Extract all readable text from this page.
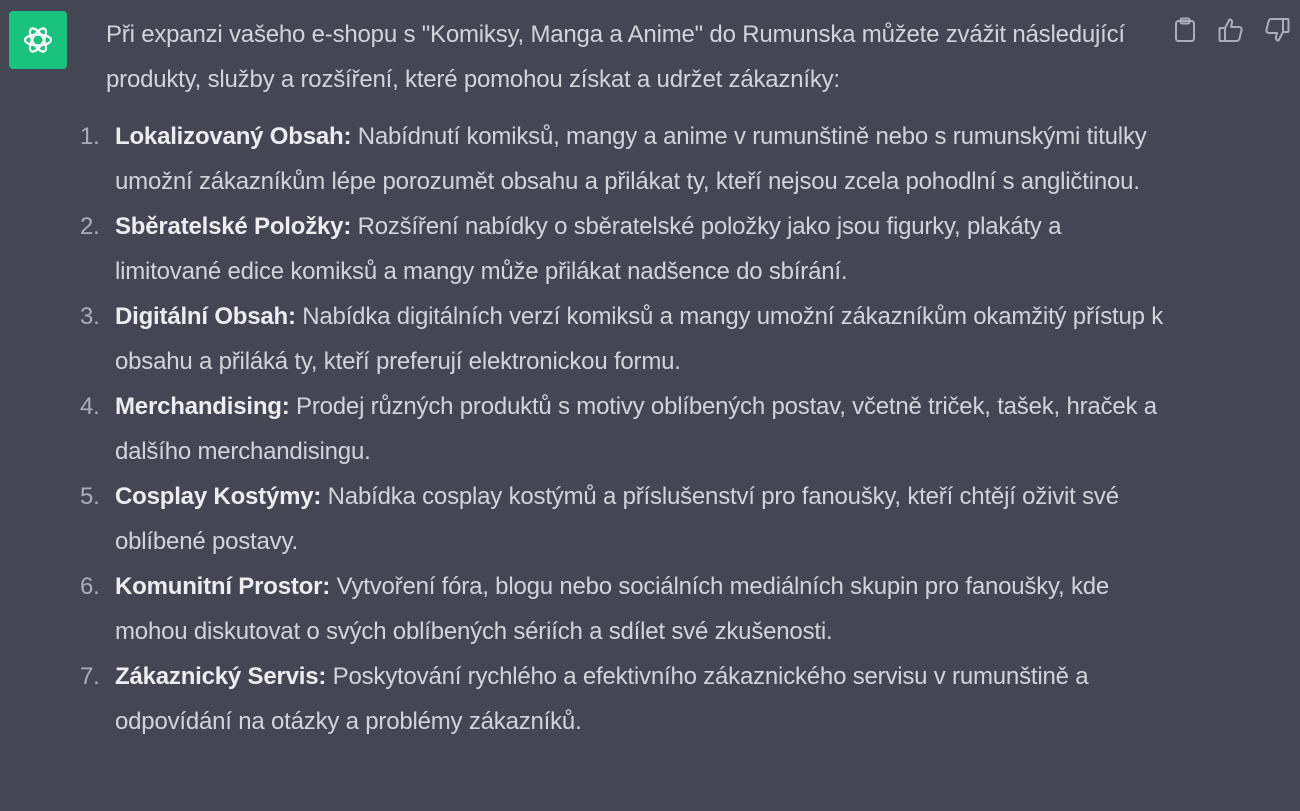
Při expanzi vašeho e-shopu s "Komiksy, Manga a Anime" do Rumunska můžete zvážit následující produkty, služby a rozšíření, které pomohou získat a udržet zákazníky:

1. Lokalizovaný Obsah: Nabídnutí komiksů, mangy a anime v rumunštině nebo s rumunskými titulky umožní zákazníkům lépe porozumět obsahu a přilákat ty, kteří nejsou zcela pohodlní s angličtinou.
2. Sběratelské Položky: Rozšíření nabídky o sběratelské položky jako jsou figurky, plakáty a limitované edice komiksů a mangy může přilákat nadšence do sbírání.
3. Digitální Obsah: Nabídka digitálních verzí komiksů a mangy umožní zákazníkům okamžitý přístup k obsahu a přiláká ty, kteří preferují elektronickou formu.
4. Merchandising: Prodej různých produktů s motivy oblíbených postav, včetně triček, tašek, hraček a dalšího merchandisingu.
5. Cosplay Kostýmy: Nabídka cosplay kostýmů a příslušenství pro fanoušky, kteří chtějí oživit své oblíbené postavy.
6. Komunitní Prostor: Vytvoření fóra, blogu nebo sociálních mediálních skupin pro fanoušky, kde mohou diskutovat o svých oblíbených sériích a sdílet své zkušenosti.
7. Zákaznický Servis: Poskytování rychlého a efektivního zákaznického servisu v rumunštině a odpovídání na otázky a problémy zákazníků.
